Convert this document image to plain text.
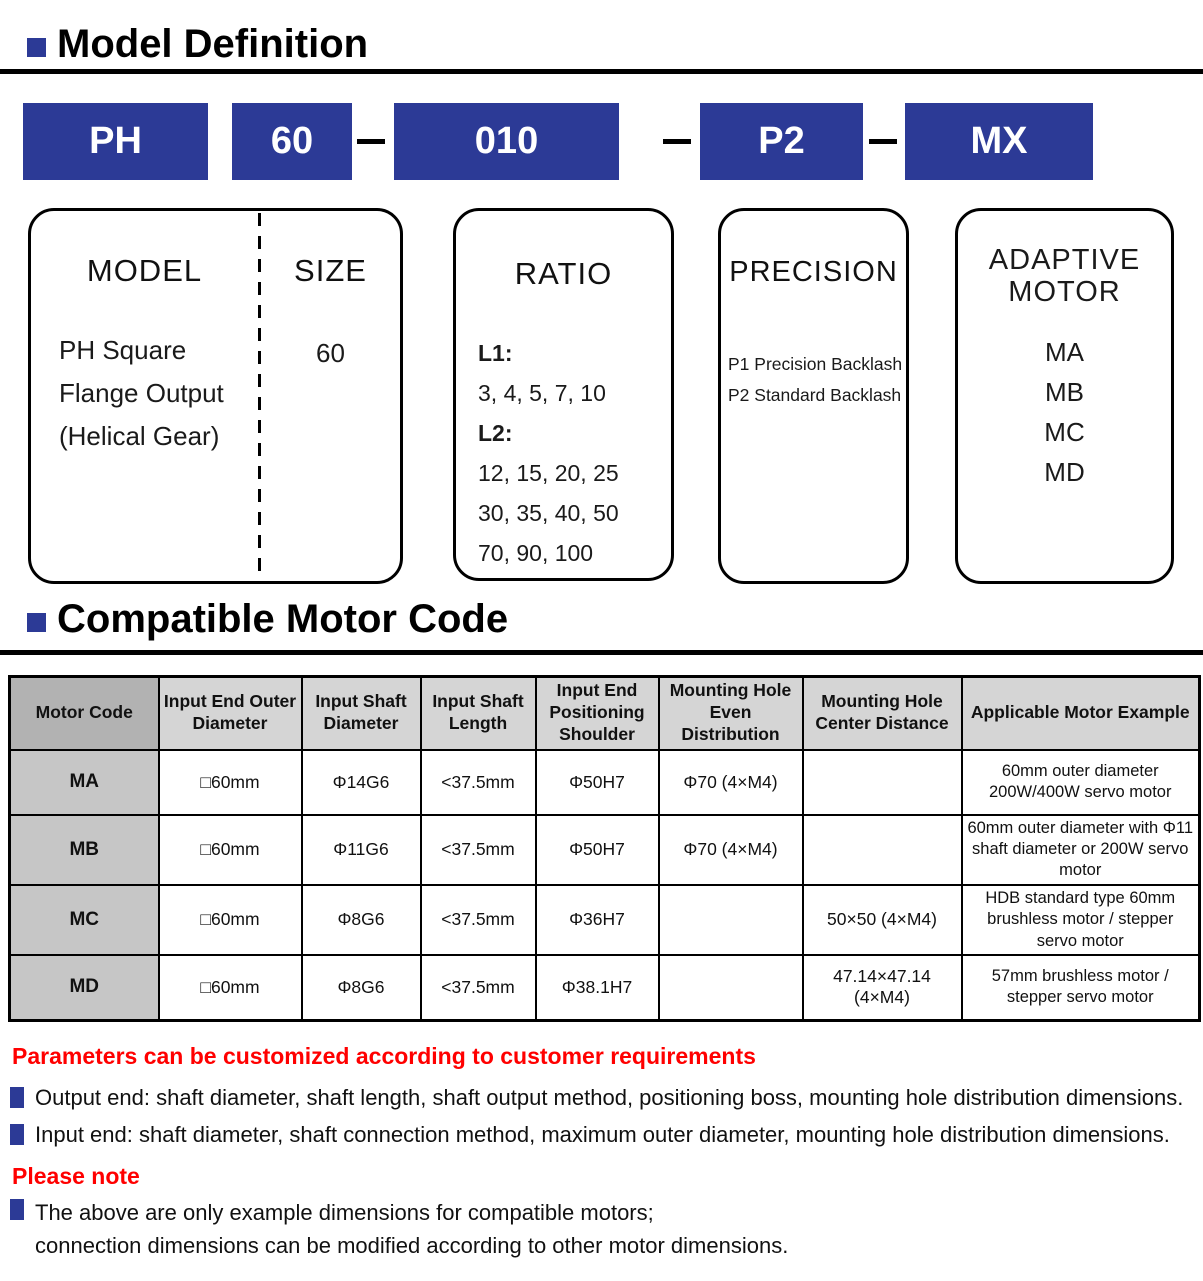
Model Definition
PH	60	010	P2	MX
MODEL
PH Square
Flange Output
(Helical Gear)
SIZE
60
RATIO
L1:
3, 4, 5, 7, 10
L2:
12, 15, 20, 25
30, 35, 40, 50
70, 90, 100
PRECISION
P1 Precision Backlash
P2 Standard Backlash
ADAPTIVE
MOTOR
MA
MB
MC
MD
Compatible Motor Code
Motor Code	Input End Outer Diameter	Input Shaft Diameter	Input Shaft Length	Input End Positioning Shoulder	Mounting Hole Even Distribution	Mounting Hole Center Distance	Applicable Motor Example
MA	□60mm	Φ14G6	<37.5mm	Φ50H7	Φ70 (4×M4)		60mm outer diameter 200W/400W servo motor
MB	□60mm	Φ11G6	<37.5mm	Φ50H7	Φ70 (4×M4)		60mm outer diameter with Φ11 shaft diameter or 200W servo motor
MC	□60mm	Φ8G6	<37.5mm	Φ36H7		50×50 (4×M4)	HDB standard type 60mm brushless motor / stepper servo motor
MD	□60mm	Φ8G6	<37.5mm	Φ38.1H7		47.14×47.14 (4×M4)	57mm brushless motor / stepper servo motor
Parameters can be customized according to customer requirements
Output end: shaft diameter, shaft length, shaft output method, positioning boss, mounting hole distribution dimensions.
Input end: shaft diameter, shaft connection method, maximum outer diameter, mounting hole distribution dimensions.
Please note
The above are only example dimensions for compatible motors;
connection dimensions can be modified according to other motor dimensions.
